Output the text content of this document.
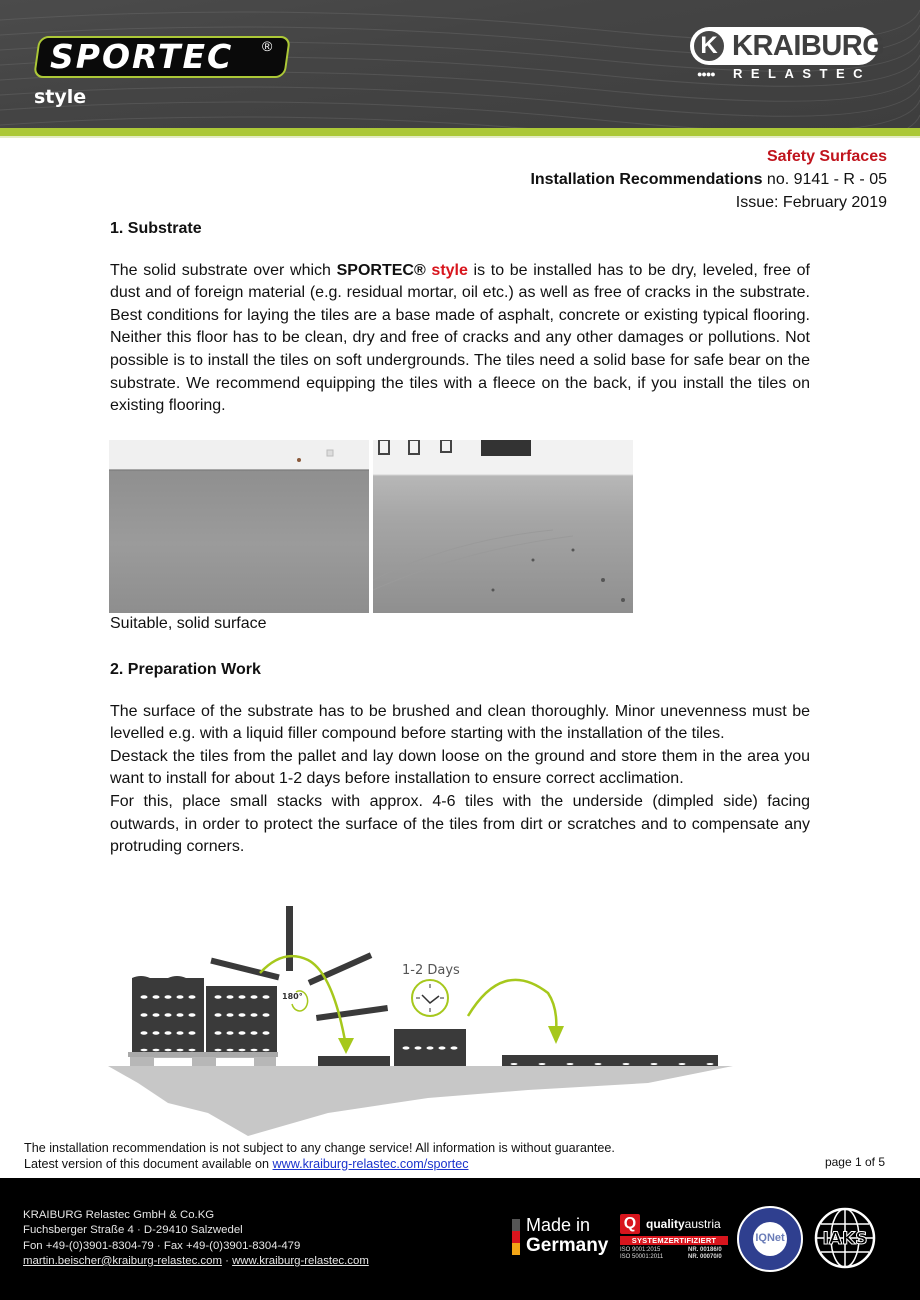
SPORTEC ®
style
K KRAIBURG
●●●● RELASTEC
Safety Surfaces
Installation Recommendations no. 9141 - R - 05
Issue: February 2019
1. Substrate

The solid substrate over which SPORTEC® style is to be installed has to be dry, leveled, free of dust and of foreign material (e.g. residual mortar, oil etc.) as well as free of cracks in the substrate. Best conditions for laying the tiles are a base made of asphalt, concrete or existing typical flooring. Neither this floor has to be clean, dry and free of cracks and any other damages or pollutions. Not possible is to install the tiles on soft undergrounds. The tiles need a solid base for safe bear on the substrate. We recommend equipping the tiles with a fleece on the back, if you install the tiles on existing flooring.

Suitable, solid surface
2. Preparation Work

The surface of the substrate has to be brushed and clean thoroughly. Minor unevenness must be levelled e.g. with a liquid filler compound before starting with the installation of the tiles.

Destack the tiles from the pallet and lay down loose on the ground and store them in the area you want to install for about 1-2 days before installation to ensure correct acclimation.

For this, place small stacks with approx. 4-6 tiles with the underside (dimpled side) facing outwards, in order to protect the surface of the tiles from dirt or scratches and to compensate any protruding corners.

180°
1-2 Days
The installation recommendation is not subject to any change service! All information is without guarantee.
Latest version of this document available on www.kraiburg-relastec.com/sportec	page 1 of 5
KRAIBURG Relastec GmbH & Co.KG
Fuchsberger Straße 4 · D-29410 Salzwedel
Fon +49-(0)3901-8304-79 · Fax +49-(0)3901-8304-479
martin.beischer@kraiburg-relastec.com · www.kraiburg-relastec.com
Made in
Germany
Q qualityaustria
SYSTEMZERTIFIZIERT
ISO 9001:2015	NR. 00186/0
ISO 50001:2011	NR. 00070/0
IQNet	IAKS
